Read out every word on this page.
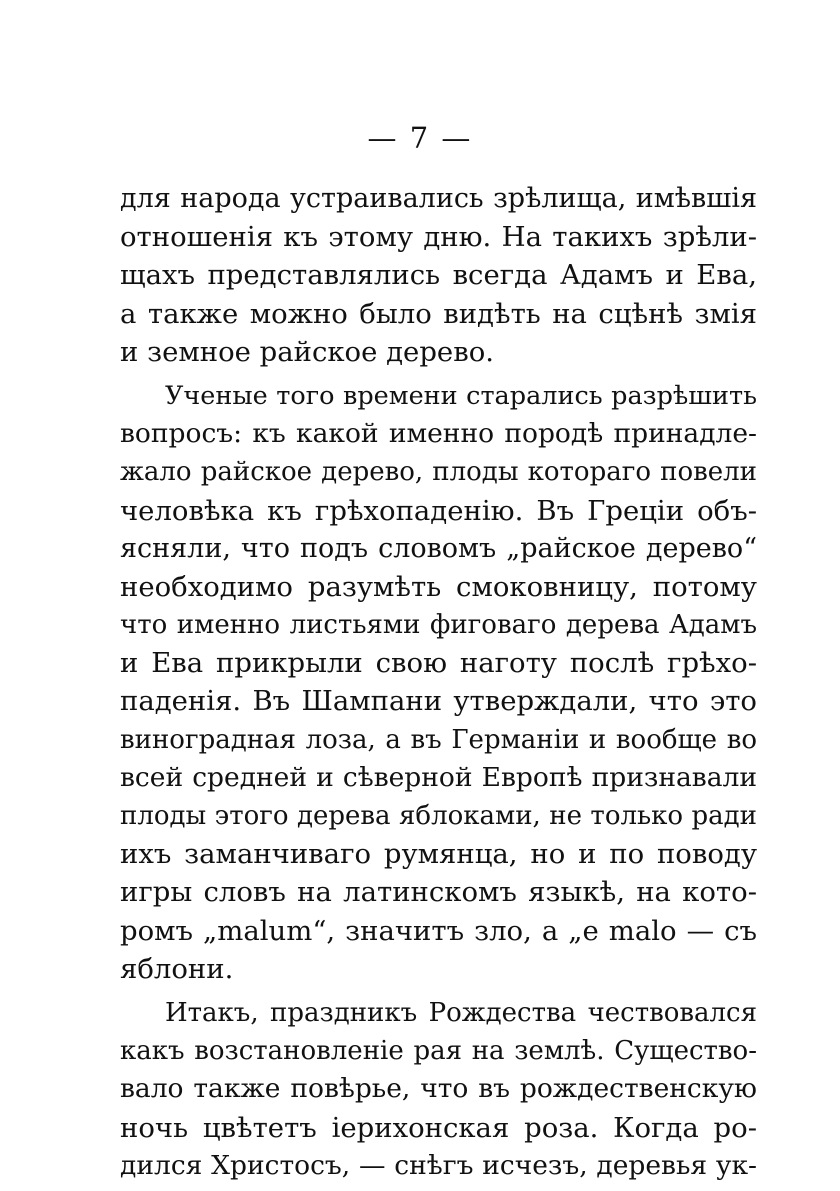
— 7 —
для народа устраивались зрѣлища, имѣвшія
отношенія къ этому дню. На такихъ зрѣли-
щахъ представлялись всегда Адамъ и Ева,
а также можно было видѣть на сцѣнѣ змія
и земное райское дерево.
Ученые того времени старались разрѣшить
вопросъ: къ какой именно породѣ принадле-
жало райское дерево, плоды котораго повели
человѣка къ грѣхопаденію. Въ Греціи объ-
ясняли, что подъ словомъ „райское дерево“
необходимо разумѣть смоковницу, потому
что именно листьями фиговаго дерева Адамъ
и Ева прикрыли свою наготу послѣ грѣхо-
паденія. Въ Шампани утверждали, что это
виноградная лоза, а въ Германіи и вообще во
всей средней и сѣверной Европѣ признавали
плоды этого дерева яблоками, не только ради
ихъ заманчиваго румянца, но и по поводу
игры словъ на латинскомъ языкѣ, на кото-
ромъ „malum“, значитъ зло, а „e malo — съ
яблони.
Итакъ, праздникъ Рождества чествовался
какъ возстановленіе рая на землѣ. Существо-
вало также повѣрье, что въ рождественскую
ночь цвѣтетъ іерихонская роза. Когда ро-
дился Христосъ, — снѣгъ исчезъ, деревья ук-
